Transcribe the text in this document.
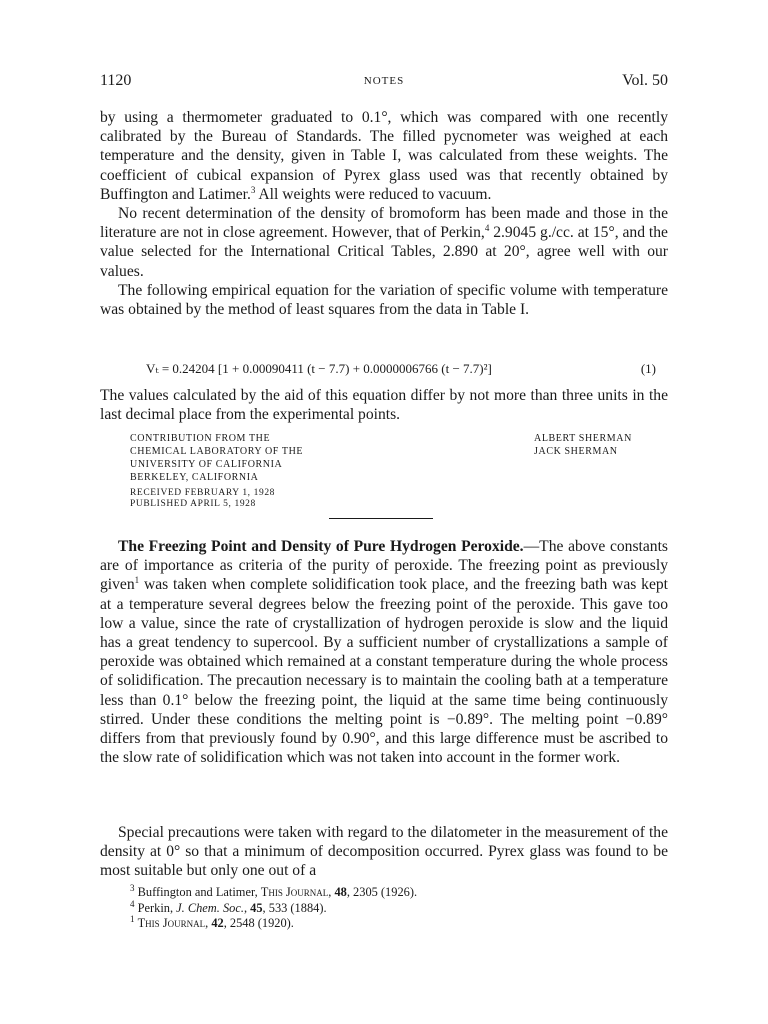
1120	NOTES	Vol. 50

by using a thermometer graduated to 0.1°, which was compared with one recently calibrated by the Bureau of Standards. The filled pycnometer was weighed at each temperature and the density, given in Table I, was calculated from these weights. The coefficient of cubical expansion of Pyrex glass used was that recently obtained by Buffington and Latimer.$^3$ All weights were reduced to vacuum.

No recent determination of the density of bromoform has been made and those in the literature are not in close agreement. However, that of Perkin,$^4$ 2.9045 g./cc. at 15°, and the value selected for the International Critical Tables, 2.890 at 20°, agree well with our values.

The following empirical equation for the variation of specific volume with temperature was obtained by the method of least squares from the data in Table I.

Vₜ = 0.24204 [1 + 0.00090411 (t − 7.7) + 0.0000006766 (t − 7.7)²]	(1)

The values calculated by the aid of this equation differ by not more than three units in the last decimal place from the experimental points.

CONTRIBUTION FROM THE
CHEMICAL LABORATORY OF THE
UNIVERSITY OF CALIFORNIA
BERKELEY, CALIFORNIA
ALBERT SHERMAN
JACK SHERMAN
RECEIVED FEBRUARY 1, 1928
PUBLISHED APRIL 5, 1928

The Freezing Point and Density of Pure Hydrogen Peroxide.—The above constants are of importance as criteria of the purity of peroxide. The freezing point as previously given$^1$ was taken when complete solidification took place, and the freezing bath was kept at a temperature several degrees below the freezing point of the peroxide. This gave too low a value, since the rate of crystallization of hydrogen peroxide is slow and the liquid has a great tendency to supercool. By a sufficient number of crystallizations a sample of peroxide was obtained which remained at a constant temperature during the whole process of solidification. The precaution necessary is to maintain the cooling bath at a temperature less than 0.1° below the freezing point, the liquid at the same time being continuously stirred. Under these conditions the melting point is −0.89°. The melting point −0.89° differs from that previously found by 0.90°, and this large difference must be ascribed to the slow rate of solidification which was not taken into account in the former work.

Special precautions were taken with regard to the dilatometer in the measurement of the density at 0° so that a minimum of decomposition occurred. Pyrex glass was found to be most suitable but only one out of a

$^3$ Buffington and Latimer, This Journal, 48, 2305 (1926).
$^4$ Perkin, J. Chem. Soc., 45, 533 (1884).
$^1$ This Journal, 42, 2548 (1920).
